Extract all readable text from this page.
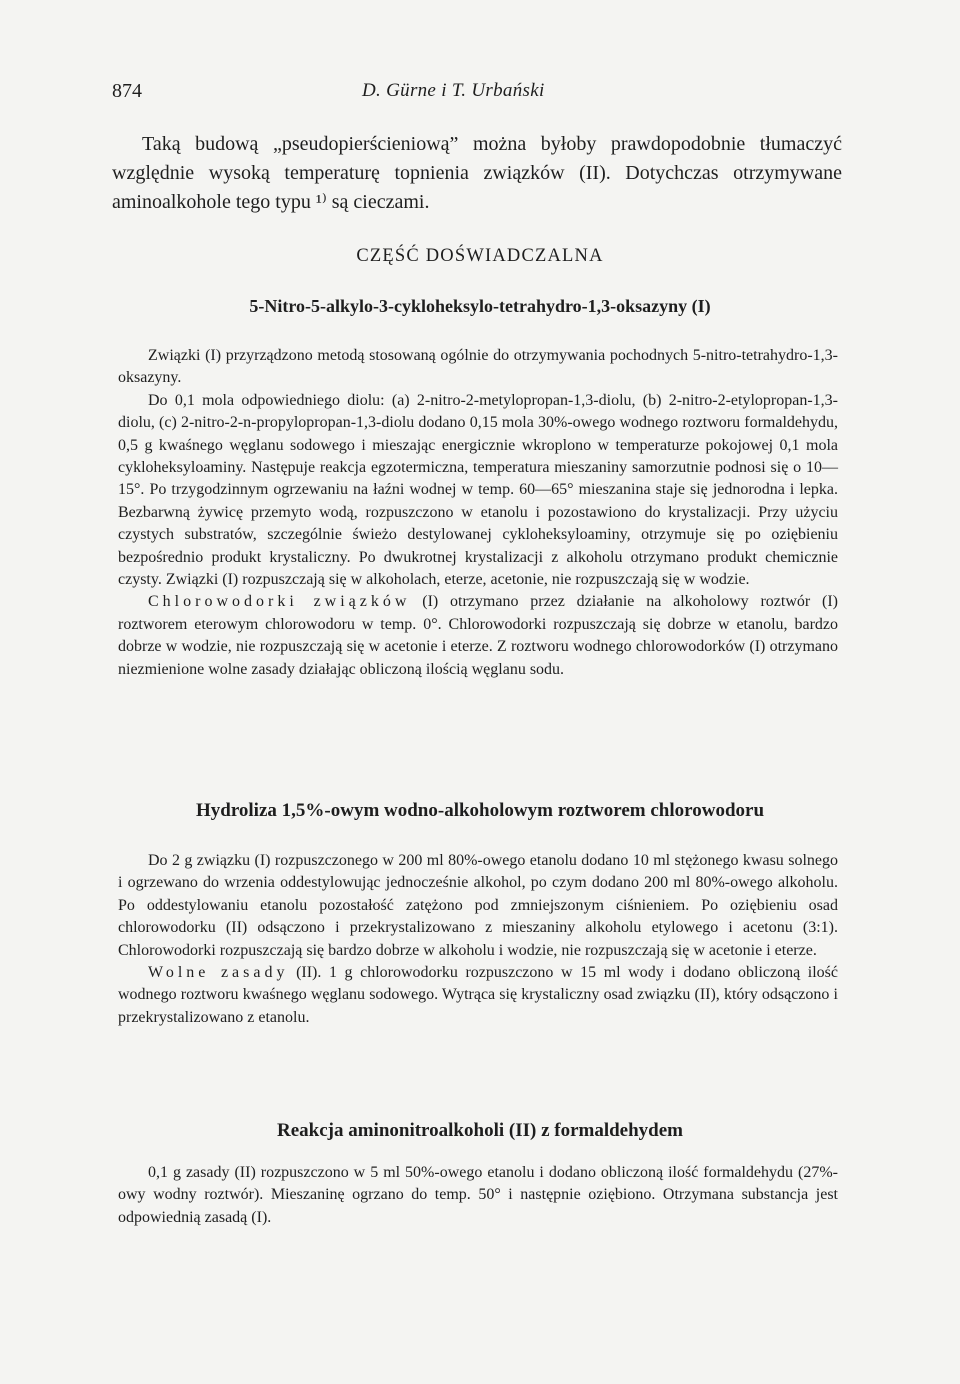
874	D. Gürne i T. Urbański

Taką budową „pseudopierścieniową” można byłoby prawdopodobnie tłumaczyć względnie wysoką temperaturę topnienia związków (II). Dotychczas otrzymywane aminoalkohole tego typu ¹⁾ są cieczami.

CZĘŚĆ DOŚWIADCZALNA
5-Nitro-5-alkylo-3-cykloheksylo-tetrahydro-1,3-oksazyny (I)

Związki (I) przyrządzono metodą stosowaną ogólnie do otrzymywania pochodnych 5-nitro-tetrahydro-1,3-oksazyny.

Do 0,1 mola odpowiedniego diolu: (a) 2-nitro-2-metylopropan-1,3-diolu, (b) 2-nitro-2-etylopropan-1,3-diolu, (c) 2-nitro-2-n-propylopropan-1,3-diolu dodano 0,15 mola 30%-owego wodnego roztworu formaldehydu, 0,5 g kwaśnego węglanu sodowego i mieszając energicznie wkroplono w temperaturze pokojowej 0,1 mola cykloheksyloaminy. Następuje reakcja egzotermiczna, temperatura mieszaniny samorzutnie podnosi się o 10—15°. Po trzygodzinnym ogrzewaniu na łaźni wodnej w temp. 60—65° mieszanina staje się jednorodna i lepka. Bezbarwną żywicę przemyto wodą, rozpuszczono w etanolu i pozostawiono do krystalizacji. Przy użyciu czystych substratów, szczególnie świeżo destylowanej cykloheksyloaminy, otrzymuje się po oziębieniu bezpośrednio produkt krystaliczny. Po dwukrotnej krystalizacji z alkoholu otrzymano produkt chemicznie czysty. Związki (I) rozpuszczają się w alkoholach, eterze, acetonie, nie rozpuszczają się w wodzie.

Chlorowodorki związków (I) otrzymano przez działanie na alkoholowy roztwór (I) roztworem eterowym chlorowodoru w temp. 0°. Chlorowodorki rozpuszczają się dobrze w etanolu, bardzo dobrze w wodzie, nie rozpuszczają się w acetonie i eterze. Z roztworu wodnego chlorowodorków (I) otrzymano niezmienione wolne zasady działając obliczoną ilością węglanu sodu.

Hydroliza 1,5%-owym wodno-alkoholowym roztworem chlorowodoru

Do 2 g związku (I) rozpuszczonego w 200 ml 80%-owego etanolu dodano 10 ml stężonego kwasu solnego i ogrzewano do wrzenia oddestylowując jednocześnie alkohol, po czym dodano 200 ml 80%-owego alkoholu. Po oddestylowaniu etanolu pozostałość zatężono pod zmniejszonym ciśnieniem. Po oziębieniu osad chlorowodorku (II) odsączono i przekrystalizowano z mieszaniny alkoholu etylowego i acetonu (3:1). Chlorowodorki rozpuszczają się bardzo dobrze w alkoholu i wodzie, nie rozpuszczają się w acetonie i eterze.

Wolne zasady (II). 1 g chlorowodorku rozpuszczono w 15 ml wody i dodano obliczoną ilość wodnego roztworu kwaśnego węglanu sodowego. Wytrąca się krystaliczny osad związku (II), który odsączono i przekrystalizowano z etanolu.

Reakcja aminonitroalkoholi (II) z formaldehydem

0,1 g zasady (II) rozpuszczono w 5 ml 50%-owego etanolu i dodano obliczoną ilość formaldehydu (27%-owy wodny roztwór). Mieszaninę ogrzano do temp. 50° i następnie oziębiono. Otrzymana substancja jest odpowiednią zasadą (I).
